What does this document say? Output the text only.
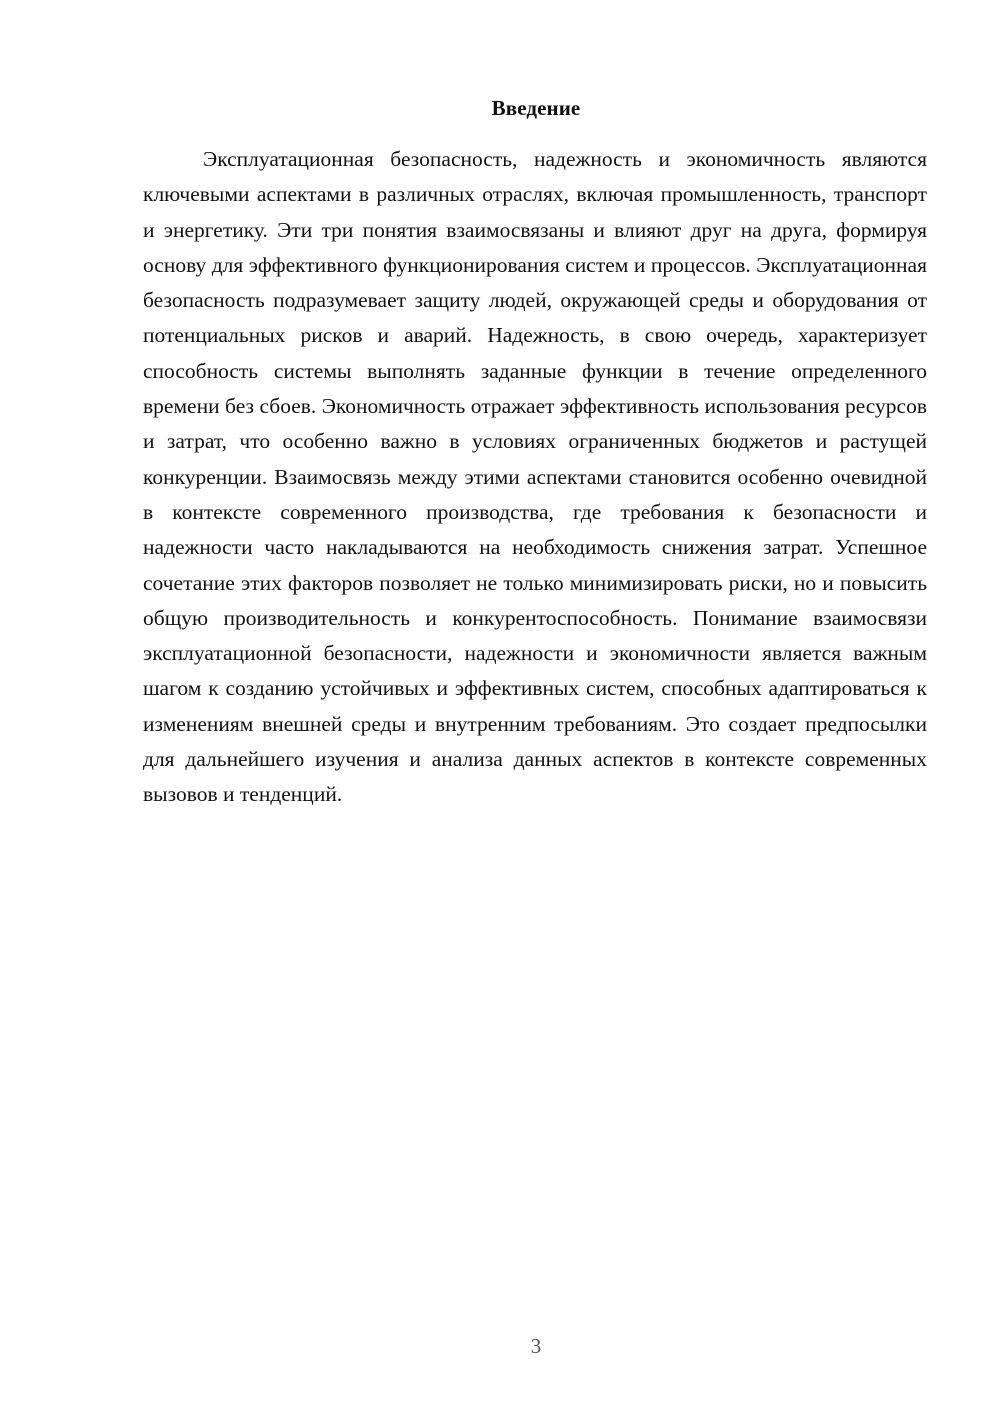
Введение

Эксплуатационная безопасность, надежность и экономичность являются ключевыми аспектами в различных отраслях, включая промышленность, транспорт и энергетику. Эти три понятия взаимосвязаны и влияют друг на друга, формируя основу для эффективного функционирования систем и процессов. Эксплуатационная безопасность подразумевает защиту людей, окружающей среды и оборудования от потенциальных рисков и аварий. Надежность, в свою очередь, характеризует способность системы выполнять заданные функции в течение определенного времени без сбоев. Экономичность отражает эффективность использования ресурсов и затрат, что особенно важно в условиях ограниченных бюджетов и растущей конкуренции. Взаимосвязь между этими аспектами становится особенно очевидной в контексте современного производства, где требования к безопасности и надежности часто накладываются на необходимость снижения затрат. Успешное сочетание этих факторов позволяет не только минимизировать риски, но и повысить общую производительность и конкурентоспособность. Понимание взаимосвязи эксплуатационной безопасности, надежности и экономичности является важным шагом к созданию устойчивых и эффективных систем, способных адаптироваться к изменениям внешней среды и внутренним требованиям. Это создает предпосылки для дальнейшего изучения и анализа данных аспектов в контексте современных вызовов и тенденций.

3
